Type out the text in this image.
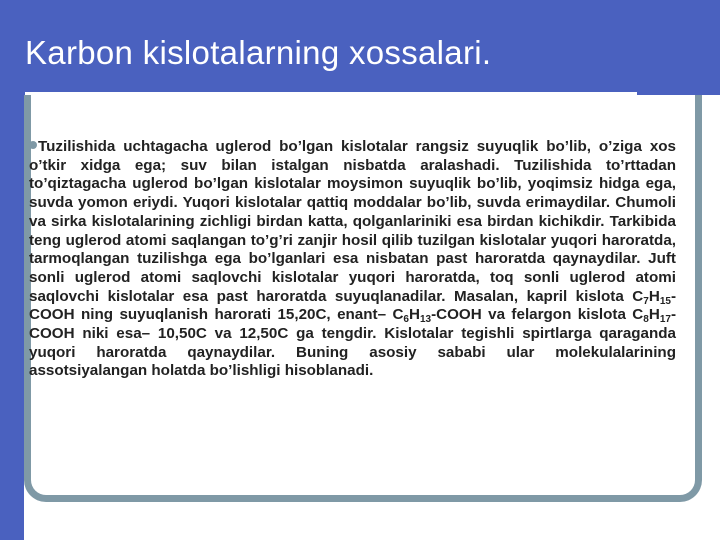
Karbon kislotalarning xossalari.

Tuzilishida uchtagacha uglerod bo’lgan kislotalar rangsiz suyuqlik bo’lib, o’ziga xos o’tkir xidga ega; suv bilan istalgan nisbatda aralashadi. Tuzilishida to’rttadan to’qiztagacha uglerod bo’lgan kislotalar moysimon suyuqlik bo’lib, yoqimsiz hidga ega, suvda yomon eriydi. Yuqori kislotalar qattiq moddalar bo’lib, suvda erimaydilar. Chumoli va sirka kislotalarining zichligi birdan katta, qolganlariniki esa birdan kichikdir. Tarkibida teng uglerod atomi saqlangan to’g’ri zanjir hosil qilib tuzilgan kislotalar yuqori haroratda, tarmoqlangan tuzilishga ega bo’lganlari esa nisbatan past haroratda qaynaydilar. Juft sonli uglerod atomi saqlovchi kislotalar yuqori haroratda, toq sonli uglerod atomi saqlovchi kislotalar esa past haroratda suyuqlanadilar. Masalan, kapril kislota $C_7H_{15}$-COOH ning suyuqlanish harorati 15,20C, enant– $C_6H_{13}$-COOH va felargon kislota $C_8H_{17}$-COOH niki esa– 10,50C va 12,50C ga tengdir. Kislotalar tegishli spirtlarga qaraganda yuqori haroratda qaynaydilar. Buning asosiy sababi ular molekulalarining assotsiyalangan holatda bo’lishligi hisoblanadi.
